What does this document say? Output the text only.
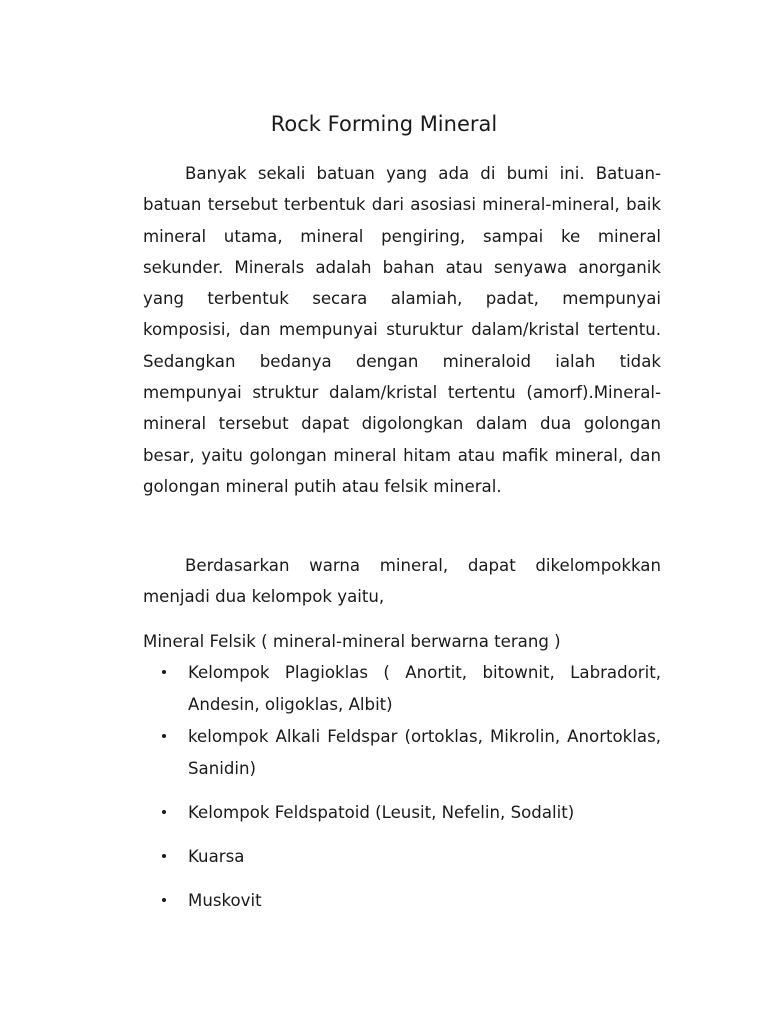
Rock Forming Mineral

Banyak sekali batuan yang ada di bumi ini. Batuan-batuan tersebut terbentuk dari asosiasi mineral-mineral, baik mineral utama, mineral pengiring, sampai ke mineral sekunder. Minerals adalah bahan atau senyawa anorganik yang terbentuk secara alamiah, padat, mempunyai komposisi, dan mempunyai sturuktur dalam/kristal tertentu. Sedangkan bedanya dengan mineraloid ialah tidak mempunyai struktur dalam/kristal tertentu (amorf).Mineral-mineral tersebut dapat digolongkan dalam dua golongan besar, yaitu golongan mineral hitam atau mafik mineral, dan golongan mineral putih atau felsik mineral.

Berdasarkan warna mineral, dapat dikelompokkan menjadi dua kelompok yaitu,

Mineral Felsik ( mineral-mineral berwarna terang )

Kelompok Plagioklas ( Anortit, bitownit, Labradorit, Andesin, oligoklas, Albit)
kelompok Alkali Feldspar (ortoklas, Mikrolin, Anortoklas, Sanidin)
Kelompok Feldspatoid (Leusit, Nefelin, Sodalit)
Kuarsa
Muskovit
